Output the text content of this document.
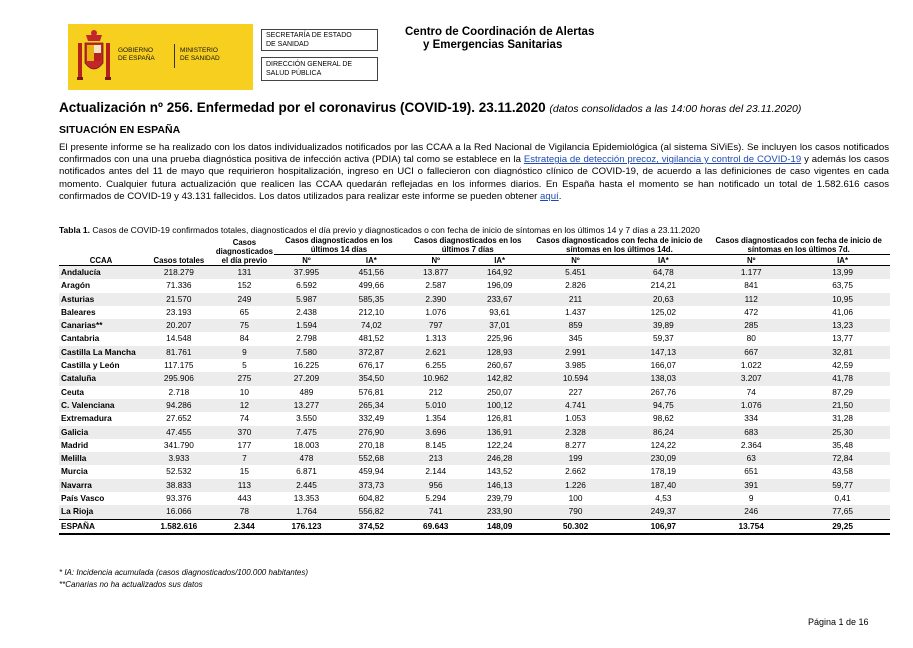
GOBIERNO
DE ESPAÑA
MINISTERIO
DE SANIDAD
SECRETARÍA DE ESTADO
DE SANIDAD
DIRECCIÓN GENERAL DE
SALUD PÚBLICA
Centro de Coordinación de Alertas
y Emergencias Sanitarias
Actualización nº 256. Enfermedad por el coronavirus (COVID-19). 23.11.2020 (datos consolidados a las 14:00 horas del 23.11.2020)
SITUACIÓN EN ESPAÑA
El presente informe se ha realizado con los datos individualizados notificados por las CCAA a la Red Nacional de Vigilancia Epidemiológica (al sistema SiViEs). Se incluyen los casos notificados confirmados con una una prueba diagnóstica positiva de infección activa (PDIA) tal como se establece en la Estrategia de detección precoz, vigilancia y control de COVID-19 y además los casos notificados antes del 11 de mayo que requirieron hospitalización, ingreso en UCI o fallecieron con diagnóstico clínico de COVID-19, de acuerdo a las definiciones de caso vigentes en cada momento. Cualquier futura actualización que realicen las CCAA quedarán reflejadas en los informes diarios. En España hasta el momento se han notificado un total de 1.582.616 casos confirmados de COVID-19 y 43.131 fallecidos. Los datos utilizados para realizar este informe se pueden obtener aquí.
Tabla 1. Casos de COVID-19 confirmados totales, diagnosticados el día previo y diagnosticados o con fecha de inicio de síntomas en los últimos 14 y 7 días a 23.11.2020
CCAA	Casos totales	Casos diagnosticados el día previo	Casos diagnosticados en los últimos 14 días		Casos diagnosticados en los últimos 7 días		Casos diagnosticados con fecha de inicio de síntomas en los últimos 14d.		Casos diagnosticados con fecha de inicio de síntomas en los últimos 7d.	
			Nº	IA*	Nº	IA*	Nº	IA*	Nº	IA*
Andalucía	218.279	131	37.995	451,56	13.877	164,92	5.451	64,78	1.177	13,99
Aragón	71.336	152	6.592	499,66	2.587	196,09	2.826	214,21	841	63,75
Asturias	21.570	249	5.987	585,35	2.390	233,67	211	20,63	112	10,95
Baleares	23.193	65	2.438	212,10	1.076	93,61	1.437	125,02	472	41,06
Canarias**	20.207	75	1.594	74,02	797	37,01	859	39,89	285	13,23
Cantabria	14.548	84	2.798	481,52	1.313	225,96	345	59,37	80	13,77
Castilla La Mancha	81.761	9	7.580	372,87	2.621	128,93	2.991	147,13	667	32,81
Castilla y León	117.175	5	16.225	676,17	6.255	260,67	3.985	166,07	1.022	42,59
Cataluña	295.906	275	27.209	354,50	10.962	142,82	10.594	138,03	3.207	41,78
Ceuta	2.718	10	489	576,81	212	250,07	227	267,76	74	87,29
C. Valenciana	94.286	12	13.277	265,34	5.010	100,12	4.741	94,75	1.076	21,50
Extremadura	27.652	74	3.550	332,49	1.354	126,81	1.053	98,62	334	31,28
Galicia	47.455	370	7.475	276,90	3.696	136,91	2.328	86,24	683	25,30
Madrid	341.790	177	18.003	270,18	8.145	122,24	8.277	124,22	2.364	35,48
Melilla	3.933	7	478	552,68	213	246,28	199	230,09	63	72,84
Murcia	52.532	15	6.871	459,94	2.144	143,52	2.662	178,19	651	43,58
Navarra	38.833	113	2.445	373,73	956	146,13	1.226	187,40	391	59,77
País Vasco	93.376	443	13.353	604,82	5.294	239,79	100	4,53	9	0,41
La Rioja	16.066	78	1.764	556,82	741	233,90	790	249,37	246	77,65
ESPAÑA	1.582.616	2.344	176.123	374,52	69.643	148,09	50.302	106,97	13.754	29,25
* IA: Incidencia acumulada (casos diagnosticados/100.000 habitantes)
**Canarias no ha actualizados sus datos
Página 1 de 16
